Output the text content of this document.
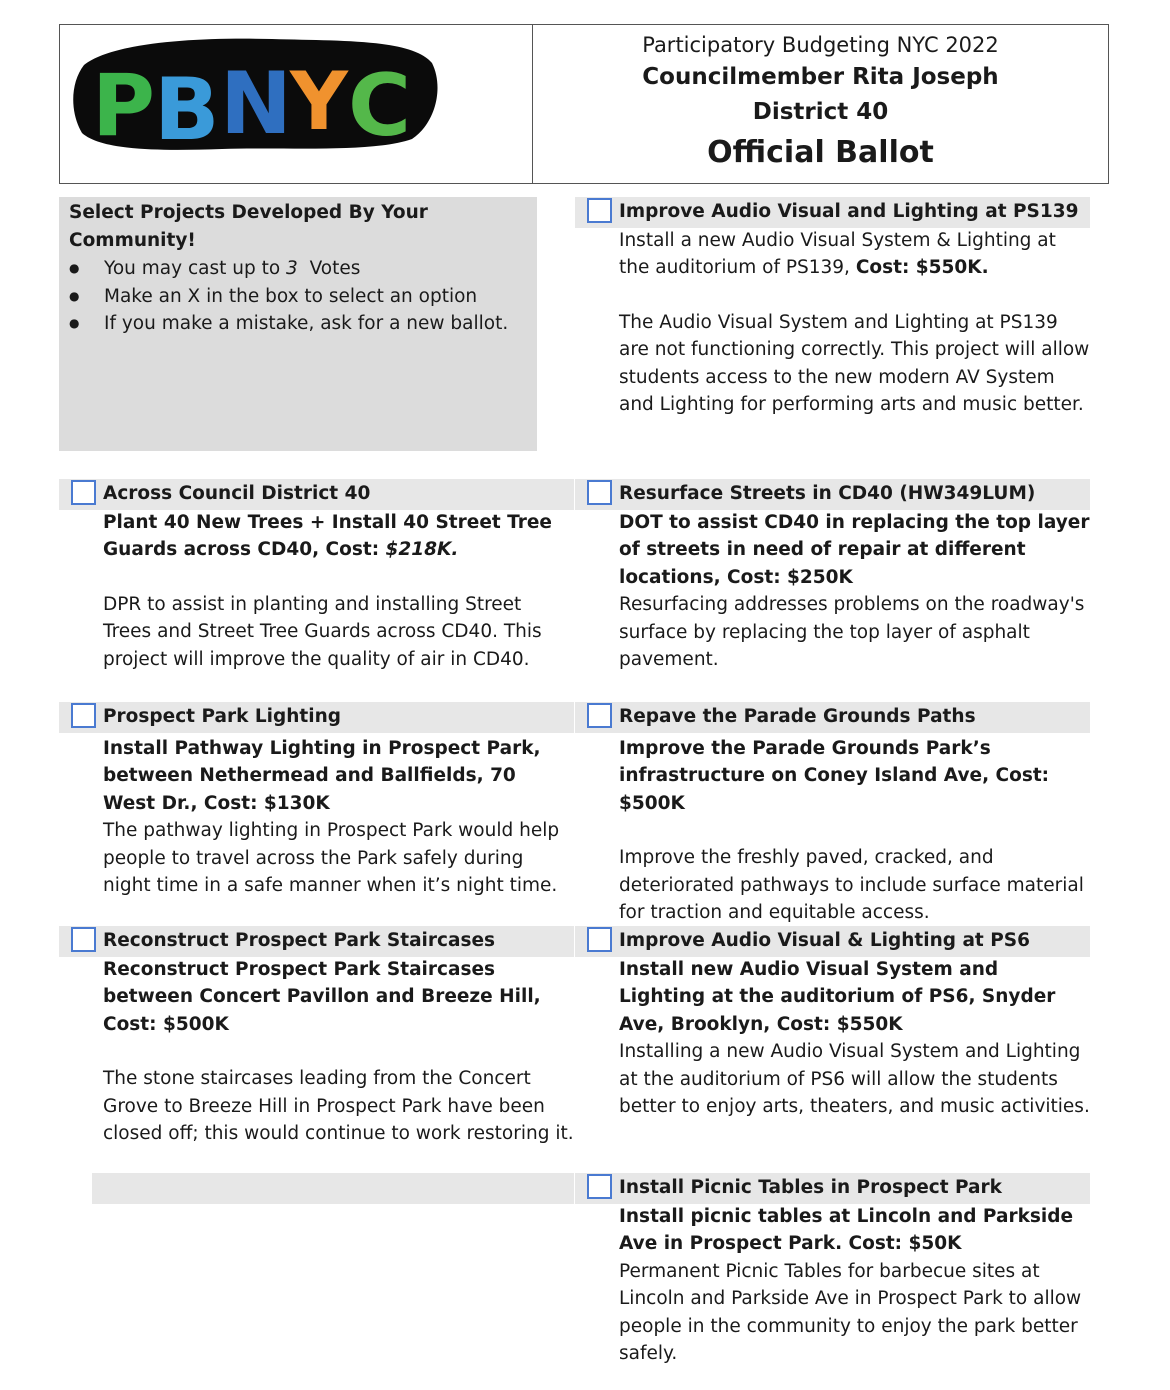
P
B N
Y C
Participatory Budgeting NYC 2022
Councilmember Rita Joseph
District 40
Official Ballot
Select Projects Developed By Your Community!
● You may cast up to 3  Votes
● Make an X in the box to select an option
● If you make a mistake, ask for a new ballot.
Improve Audio Visual and Lighting at PS139

Install a new Audio Visual System & Lighting at the auditorium of PS139, Cost: $550K.

The Audio Visual System and Lighting at PS139 are not functioning correctly. This project will allow students access to the new modern AV System and Lighting for performing arts and music better.

Across Council District 40

Plant 40 New Trees + Install 40 Street Tree Guards across CD40, Cost: $218K.

DPR to assist in planting and installing Street Trees and Street Tree Guards across CD40. This project will improve the quality of air in CD40.

Resurface Streets in CD40 (HW349LUM)

DOT to assist CD40 in replacing the top layer of streets in need of repair at different locations, Cost: $250K

Resurfacing addresses problems on the roadway's surface by replacing the top layer of asphalt pavement.

Prospect Park Lighting

Install Pathway Lighting in Prospect Park, between Nethermead and Ballfields, 70 West Dr., Cost: $130K

The pathway lighting in Prospect Park would help people to travel across the Park safely during night time in a safe manner when it’s night time.

Repave the Parade Grounds Paths

Improve the Parade Grounds Park’s infrastructure on Coney Island Ave, Cost: $500K

Improve the freshly paved, cracked, and deteriorated pathways to include surface material for traction and equitable access.

Reconstruct Prospect Park Staircases

Reconstruct Prospect Park Staircases between Concert Pavillon and Breeze Hill, Cost: $500K

The stone staircases leading from the Concert Grove to Breeze Hill in Prospect Park have been closed off; this would continue to work restoring it.

Improve Audio Visual & Lighting at PS6

Install new Audio Visual System and Lighting at the auditorium of PS6, Snyder Ave, Brooklyn, Cost: $550K

Installing a new Audio Visual System and Lighting at the auditorium of PS6 will allow the students better to enjoy arts, theaters, and music activities.

Install Picnic Tables in Prospect Park

Install picnic tables at Lincoln and Parkside Ave in Prospect Park. Cost: $50K

Permanent Picnic Tables for barbecue sites at Lincoln and Parkside Ave in Prospect Park to allow people in the community to enjoy the park better safely.
